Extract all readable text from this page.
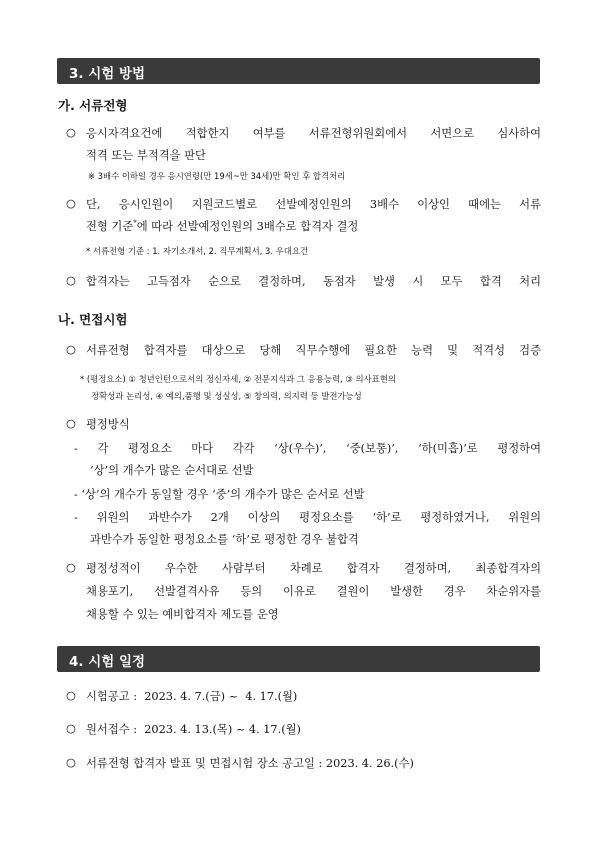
3. 시험 방법
가. 서류전형
○ 응시자격요건에 적합한지 여부를 서류전형위원회에서 서면으로 심사하여
적격 또는 부적격을 판단
※ 3배수 이하일 경우 응시연령(만 19세~만 34세)만 확인 후 합격처리
○ 단, 응시인원이 지원코드별로 선발예정인원의 3배수 이상인 때에는 서류
전형 기준*에 따라 선발예정인원의 3배수로 합격자 결정
* 서류전형 기준 : 1. 자기소개서, 2. 직무계획서, 3. 우대요건
○ 합격자는 고득점자 순으로 결정하며, 동점자 발생 시 모두 합격 처리
나. 면접시험
○ 서류전형 합격자를 대상으로 당해 직무수행에 필요한 능력 및 적격성 검증
* (평정요소) ① 청년인턴으로서의 정신자세, ② 전문지식과 그 응용능력, ③ 의사표현의
정확성과 논리성, ④ 예의,품행 및 성실성, ⑤ 창의력, 의지력 등 발전가능성
○ 평정방식
- 각 평정요소 마다 각각 ‘상(우수)’, ‘중(보통)’, ‘하(미흡)’로 평정하여
‘상’의 개수가 많은 순서대로 선발
- ‘상’의 개수가 동일할 경우 ‘중’의 개수가 많은 순서로 선발
- 위원의 과반수가 2개 이상의 평정요소를 ‘하’로 평정하였거나, 위원의
과반수가 동일한 평정요소를 ‘하’로 평정한 경우 불합격
○ 평정성적이 우수한 사람부터 차례로 합격자 결정하며, 최종합격자의
채용포기, 선발결격사유 등의 이유로 결원이 발생한 경우 차순위자를
채용할 수 있는 예비합격자 제도를 운영
4. 시험 일정
○ 시험공고 :  2023. 4. 7.(금) ~  4. 17.(월)
○ 원서접수 :  2023. 4. 13.(목) ~ 4. 17.(월)
○ 서류전형 합격자 발표 및 면접시험 장소 공고일 : 2023. 4. 26.(수)
